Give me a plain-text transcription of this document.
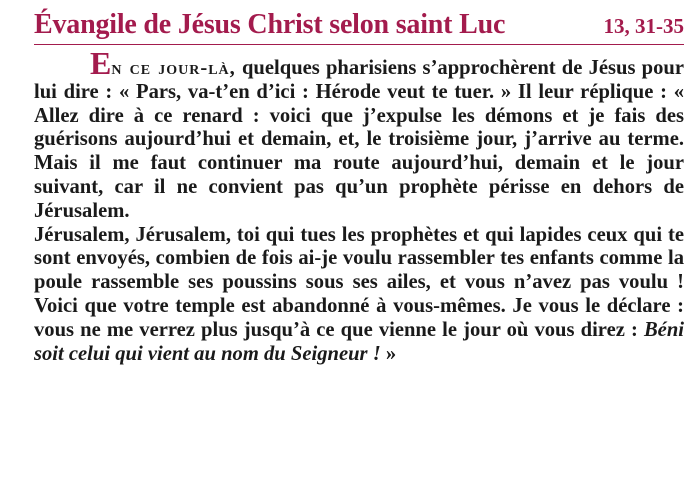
Évangile de Jésus Christ selon saint Luc	13, 31-35

En ce jour-là, quelques pharisiens s’approchèrent de Jésus pour lui dire : « Pars, va-t’en d’ici : Hérode veut te tuer. » Il leur réplique : « Allez dire à ce renard : voici que j’expulse les démons et je fais des guérisons aujourd’hui et demain, et, le troisième jour, j’arrive au terme. Mais il me faut continuer ma route aujourd’hui, demain et le jour suivant, car il ne convient pas qu’un prophète périsse en dehors de Jérusalem.

Jérusalem, Jérusalem, toi qui tues les prophètes et qui lapides ceux qui te sont envoyés, combien de fois ai-je voulu rassembler tes enfants comme la poule rassemble ses poussins sous ses ailes, et vous n’avez pas voulu ! Voici que votre temple est abandonné à vous-mêmes. Je vous le déclare : vous ne me verrez plus jusqu’à ce que vienne le jour où vous direz : Béni soit celui qui vient au nom du Seigneur ! »
